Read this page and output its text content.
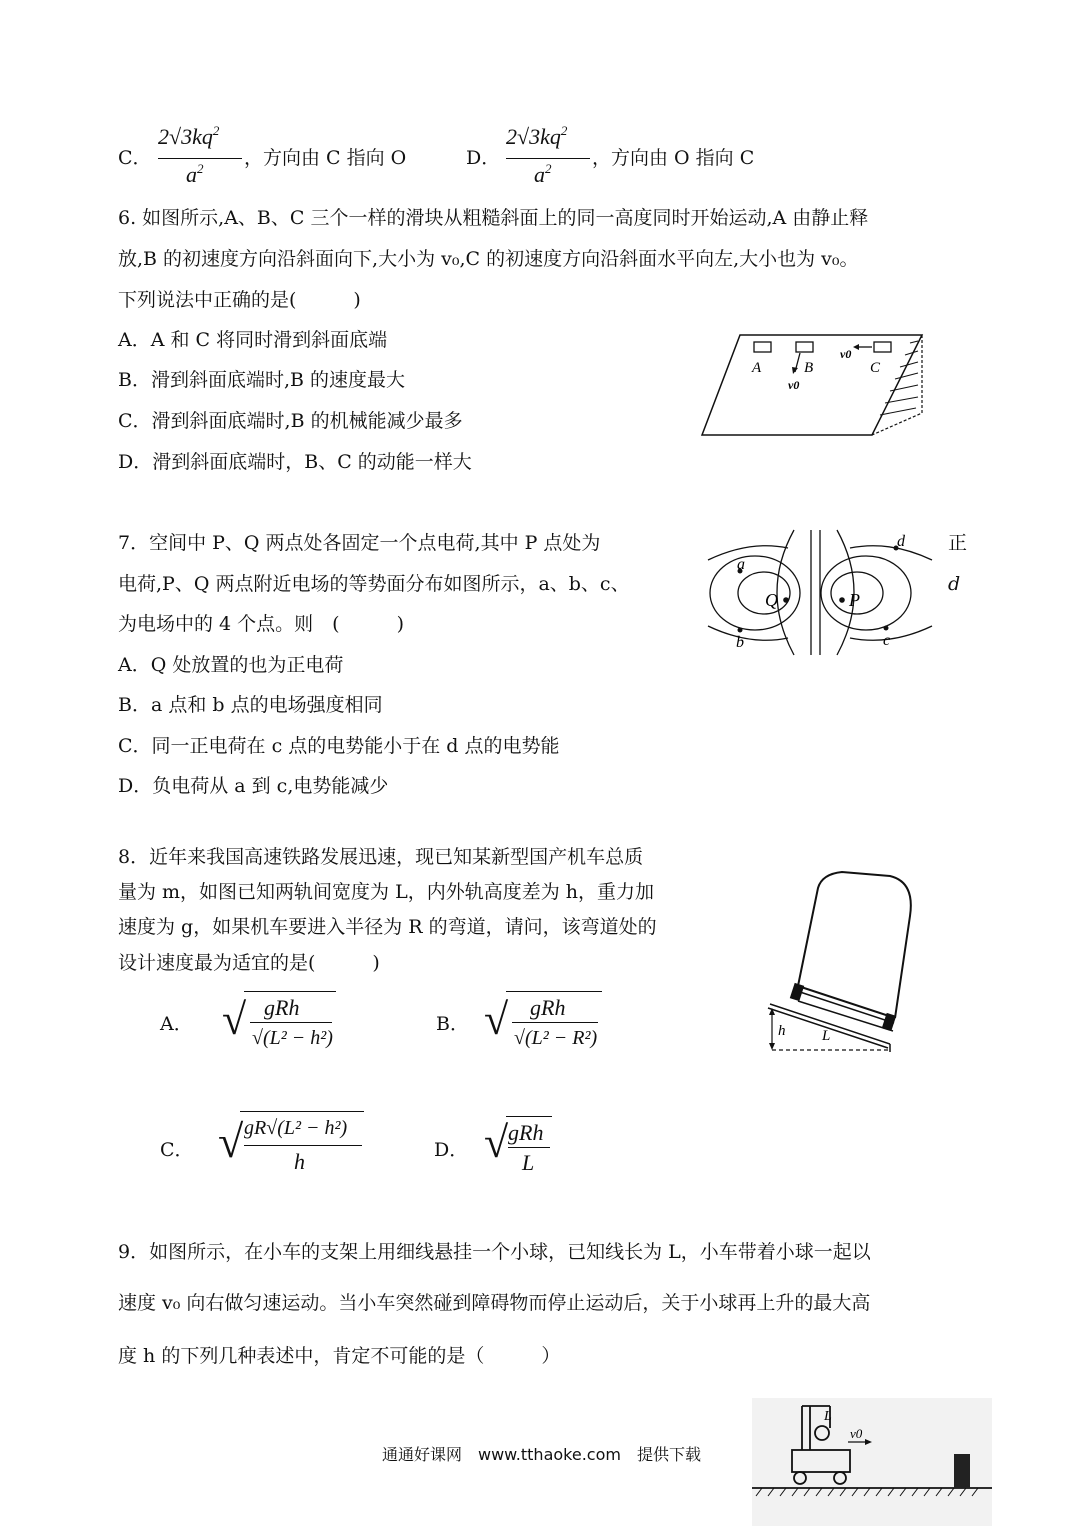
C．
$2√3kq^2$
$a^2$ ，方向由 C 指向 O	D．
$2√3kq^2$
$a^2$ ，方向由 O 指向 C
6. 如图所示,A、B、C 三个一样的滑块从粗糙斜面上的同一高度同时开始运动,A 由静止释
放,B 的初速度方向沿斜面向下,大小为 v₀,C 的初速度方向沿斜面水平向左,大小也为 v₀。
下列说法中正确的是(　　　)
A．A 和 C 将同时滑到斜面底端
B．滑到斜面底端时,B 的速度最大
C．滑到斜面底端时,B 的机械能减少最多
D．滑到斜面底端时，B、C 的动能一样大
A	B	C
v0
v0
7．空间中 P、Q 两点处各固定一个点电荷,其中 P 点处为	正
电荷,P、Q 两点附近电场的等势面分布如图所示，a、b、c、	d
为电场中的 4 个点。则　(　　　)
A．Q 处放置的也为正电荷
B．a 点和 b 点的电场强度相同
C．同一正电荷在 c 点的电势能小于在 d 点的电势能
D．负电荷从 a 到 c,电势能减少
a
b	c
d
Q	P
8．近年来我国高速铁路发展迅速，现已知某新型国产机车总质
量为 m，如图已知两轨间宽度为 L，内外轨高度差为 h，重力加
速度为 g，如果机车要进入半径为 R 的弯道，请问，该弯道处的
设计速度最为适宜的是(　　　)
A． √ gRh
√(L² − h²)
B． √ gRh
√(L² − R²)
C． √ gR√(L² − h²)
h	D． √ gRh
L
h L
9．如图所示，在小车的支架上用细线悬挂一个小球，已知线长为 L，小车带着小球一起以
速度 v₀ 向右做匀速运动。当小车突然碰到障碍物而停止运动后，关于小球再上升的最大高
度 h 的下列几种表述中，肯定不可能的是（　　　）
L
v0
通通好课网　www.tthaoke.com　提供下载
